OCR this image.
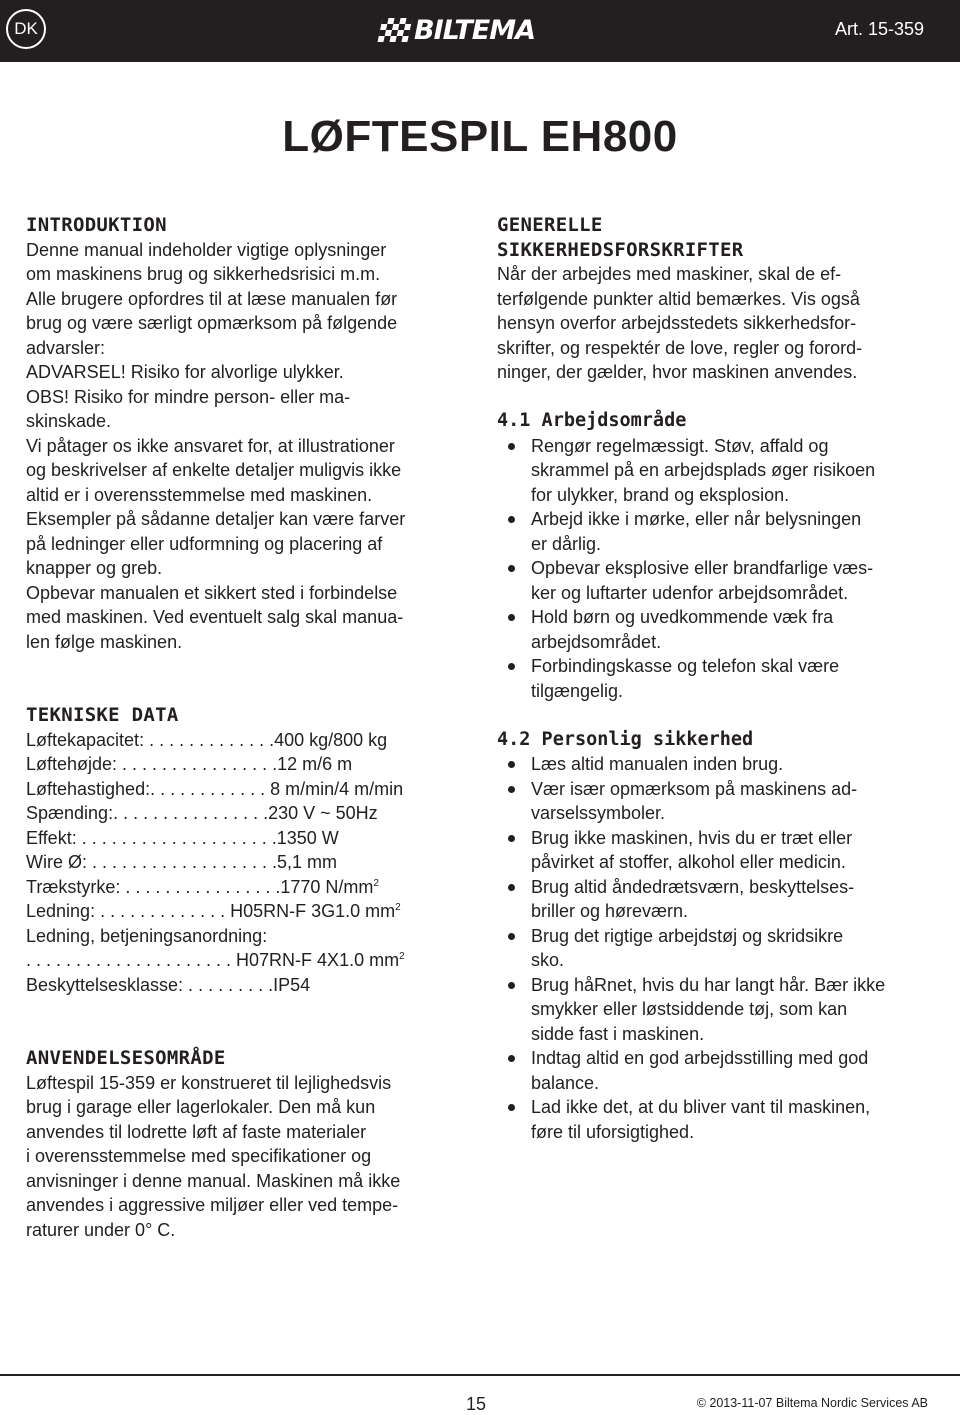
DK	BILTEMA	Art. 15-359
LØFTESPIL EH800
INTRODUKTION

Denne manual indeholder vigtige oplysninger

om maskinens brug og sikkerhedsrisici m.m.

Alle brugere opfordres til at læse manualen før

brug og være særligt opmærksom på følgende

advarsler:

ADVARSEL! Risiko for alvorlige ulykker.

OBS! Risiko for mindre person- eller ma-

skinskade.

Vi påtager os ikke ansvaret for, at illustrationer

og beskrivelser af enkelte detaljer muligvis ikke

altid er i overensstemmelse med maskinen.

Eksempler på sådanne detaljer kan være farver

på ledninger eller udformning og placering af

knapper og greb.

Opbevar manualen et sikkert sted i forbindelse

med maskinen. Ved eventuelt salg skal manua-

len følge maskinen.

TEKNISKE DATA

Løftekapacitet: . . . . . . . . . . . . .400 kg/800 kg

Løftehøjde: . . . . . . . . . . . . . . . .12 m/6 m

Løftehastighed:. . . . . . . . . . . . 8 m/min/4 m/min

Spænding:. . . . . . . . . . . . . . . .230 V ~ 50Hz

Effekt: . . . . . . . . . . . . . . . . . . . .1350 W

Wire Ø: . . . . . . . . . . . . . . . . . . .5,1 mm

Trækstyrke: . . . . . . . . . . . . . . . .1770 $N/mm^2$

Ledning: . . . . . . . . . . . . . H05RN-F 3G1.0 $mm^2$

Ledning, betjeningsanordning:

. . . . . . . . . . . . . . . . . . . . . H07RN-F 4X1.0 $mm^2$

Beskyttelsesklasse: . . . . . . . . .IP54

ANVENDELSESOMRÅDE

Løftespil 15-359 er konstrueret til lejlighedsvis

brug i garage eller lagerlokaler. Den må kun

anvendes til lodrette løft af faste materialer

i overensstemmelse med specifikationer og

anvisninger i denne manual. Maskinen må ikke

anvendes i aggressive miljøer eller ved tempe-

raturer under 0° C.

GENERELLE
SIKKERHEDSFORSKRIFTER

Når der arbejdes med maskiner, skal de ef-

terfølgende punkter altid bemærkes. Vis også

hensyn overfor arbejdsstedets sikkerhedsfor-

skrifter, og respektér de love, regler og forord-

ninger, der gælder, hvor maskinen anvendes.

4.1 Arbejdsområde

Rengør regelmæssigt. Støv, affald og

skrammel på en arbejdsplads øger risikoen

for ulykker, brand og eksplosion.

Arbejd ikke i mørke, eller når belysningen

er dårlig.

Opbevar eksplosive eller brandfarlige væs-

ker og luftarter udenfor arbejdsområdet.

Hold børn og uvedkommende væk fra

arbejdsområdet.

Forbindingskasse og telefon skal være

tilgængelig.

4.2 Personlig sikkerhed

Læs altid manualen inden brug.

Vær især opmærksom på maskinens ad-

varselssymboler.

Brug ikke maskinen, hvis du er træt eller

påvirket af stoffer, alkohol eller medicin.

Brug altid åndedrætsværn, beskyttelses-

briller og høreværn.

Brug det rigtige arbejdstøj og skridsikre

sko.

Brug håRnet, hvis du har langt hår. Bær ikke

smykker eller løstsiddende tøj, som kan

sidde fast i maskinen.

Indtag altid en god arbejdsstilling med god

balance.

Lad ikke det, at du bliver vant til maskinen,

føre til uforsigtighed.

15	© 2013-11-07 Biltema Nordic Services AB
